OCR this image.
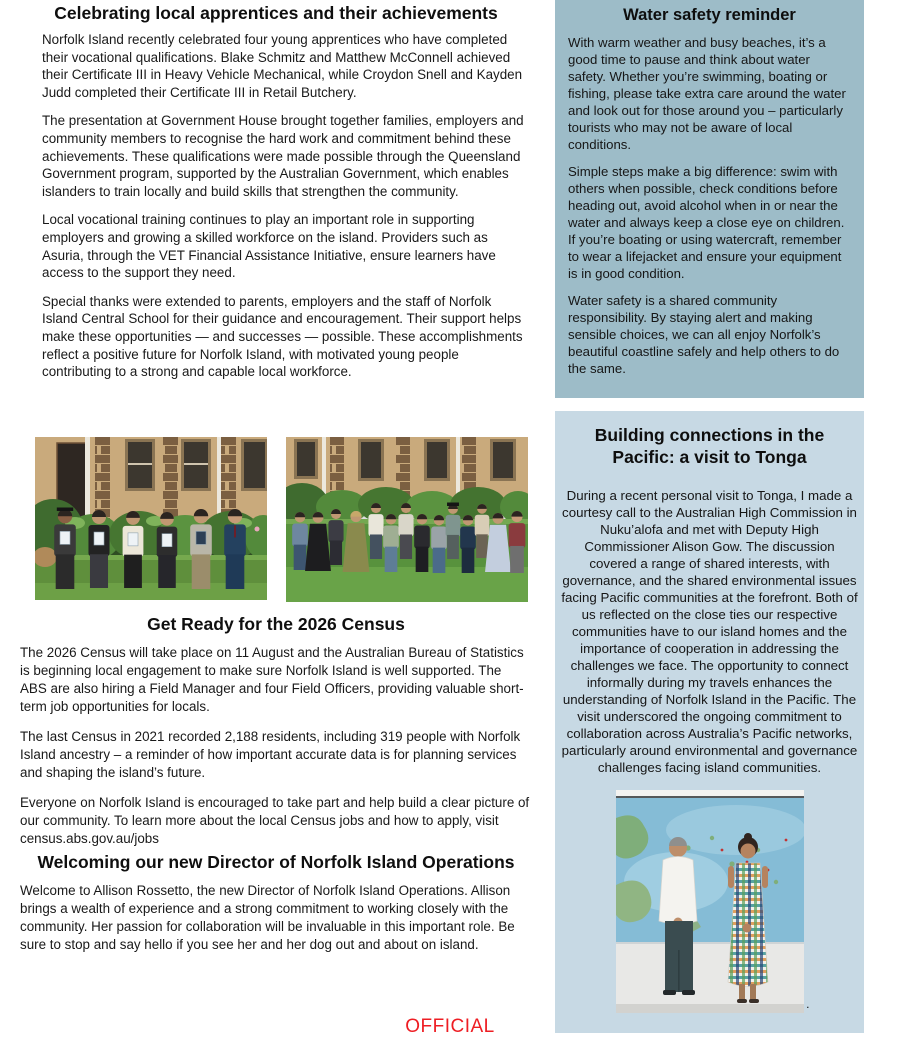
Celebrating local apprentices and their achievements

Norfolk Island recently celebrated four young apprentices who have completed their vocational qualifications. Blake Schmitz and Matthew McConnell achieved their Certificate III in Heavy Vehicle Mechanical, while Croydon Snell and Kayden Judd completed their Certificate III in Retail Butchery.

The presentation at Government House brought together families, employers and community members to recognise the hard work and commitment behind these achievements. These qualifications were made possible through the Queensland Government program, supported by the Australian Government, which enables islanders to train locally and build skills that strengthen the community.

Local vocational training continues to play an important role in supporting employers and growing a skilled workforce on the island. Providers such as Asuria, through the VET Financial Assistance Initiative, ensure learners have access to the support they need.

Special thanks were extended to parents, employers and the staff of Norfolk Island Central School for their guidance and encouragement. Their support helps make these opportunities — and successes — possible. These accomplishments reflect a positive future for Norfolk Island, with motivated young people contributing to a strong and capable local workforce.

Get Ready for the 2026 Census

The 2026 Census will take place on 11 August and the Australian Bureau of Statistics is beginning local engagement to make sure Norfolk Island is well supported. The ABS are also hiring a Field Manager and four Field Officers, providing valuable short-term job opportunities for locals.

The last Census in 2021 recorded 2,188 residents, including 319 people with Norfolk Island ancestry – a reminder of how important accurate data is for planning services and shaping the island’s future.

Everyone on Norfolk Island is encouraged to take part and help build a clear picture of our community. To learn more about the local Census jobs and how to apply, visit census.abs.gov.au/jobs

Welcoming our new Director of Norfolk Island Operations

Welcome to Allison Rossetto, the new Director of Norfolk Island Operations. Allison brings a wealth of experience and a strong commitment to working closely with the community. Her passion for collaboration will be invaluable in this important role. Be sure to stop and say hello if you see her and her dog out and about on island.

OFFICIAL
Water safety reminder

With warm weather and busy beaches, it’s a good time to pause and think about water safety. Whether you’re swimming, boating or fishing, please take extra care around the water and look out for those around you – particularly tourists who may not be aware of local conditions.

Simple steps make a big difference: swim with others when possible, check conditions before heading out, avoid alcohol when in or near the water and always keep a close eye on children. If you’re boating or using watercraft, remember to wear a lifejacket and ensure your equipment is in good condition.

Water safety is a shared community responsibility. By staying alert and making sensible choices, we can all enjoy Norfolk’s beautiful coastline safely and help others to do the same.

Building connections in the Pacific: a visit to Tonga

During a recent personal visit to Tonga, I made a courtesy call to the Australian High Commission in Nuku’alofa and met with Deputy High Commissioner Alison Gow. The discussion covered a range of shared interests, with governance, and the shared environmental issues facing Pacific communities at the forefront. Both of us reflected on the close ties our respective communities have to our island homes and the importance of cooperation in addressing the challenges we face. The opportunity to connect informally during my travels enhances the understanding of Norfolk Island in the Pacific. The visit underscored the ongoing commitment to collaboration across Australia’s Pacific networks, particularly around environmental and governance challenges facing island communities.

.
